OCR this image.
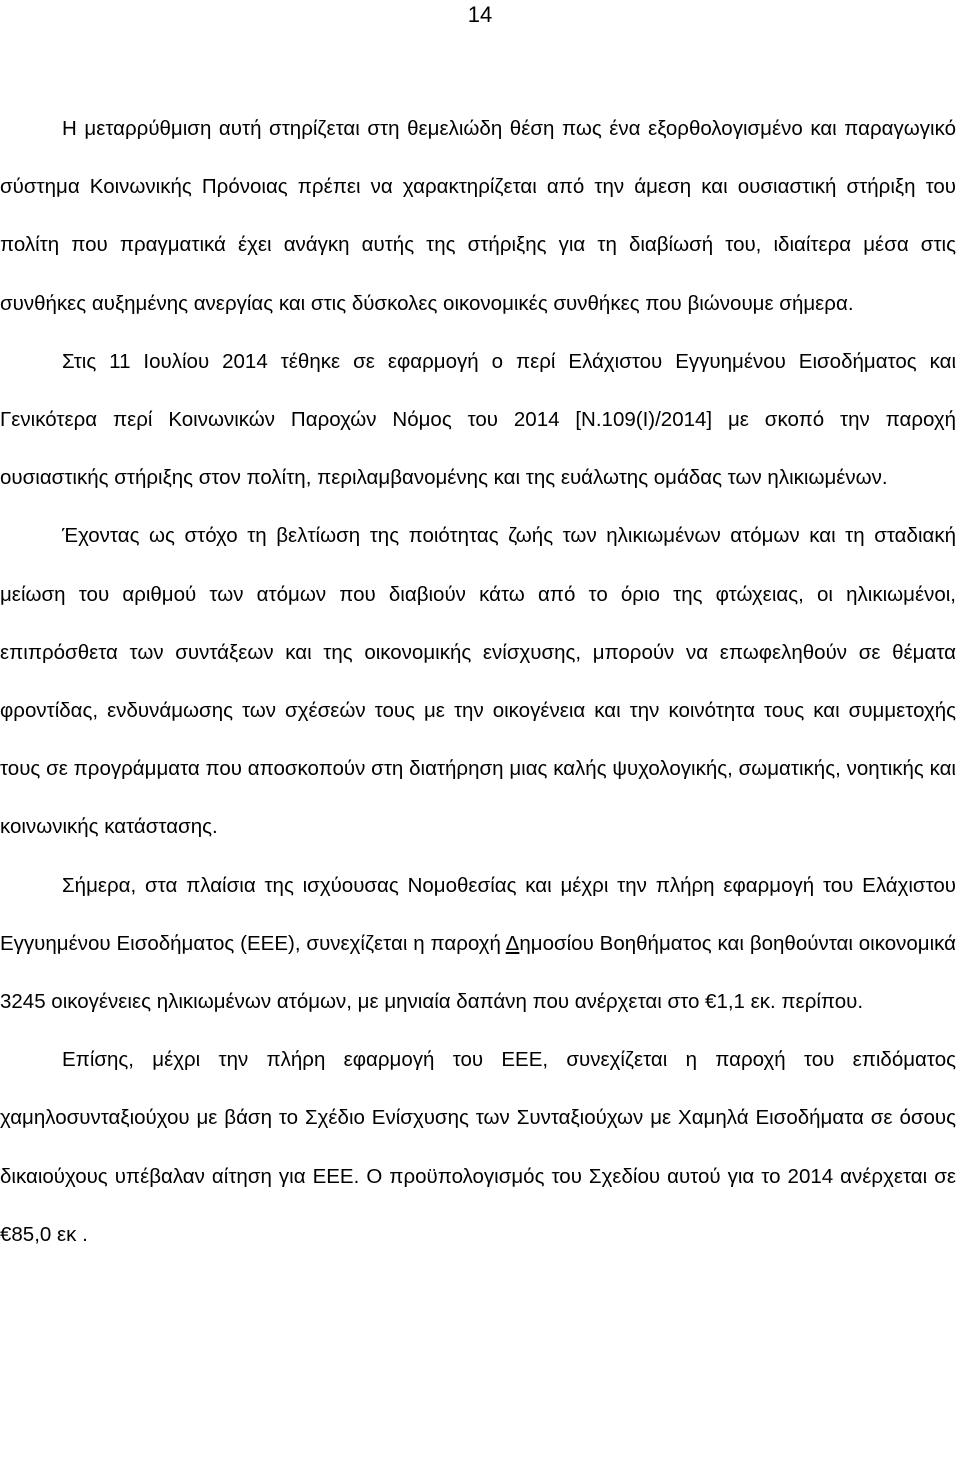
14

Η μεταρρύθμιση αυτή στηρίζεται στη θεμελιώδη θέση πως ένα εξορθολογισμένο και παραγωγικό σύστημα Κοινωνικής Πρόνοιας πρέπει να χαρακτηρίζεται από την άμεση και ουσιαστική στήριξη του πολίτη που πραγματικά έχει ανάγκη αυτής της στήριξης για τη διαβίωσή του, ιδιαίτερα μέσα στις συνθήκες αυξημένης ανεργίας και στις δύσκολες οικονομικές συνθήκες που βιώνουμε σήμερα.

Στις 11 Ιουλίου 2014 τέθηκε σε εφαρμογή ο περί Ελάχιστου Εγγυημένου Εισοδήματος και Γενικότερα περί Κοινωνικών Παροχών Νόμος του 2014 [Ν.109(Ι)/2014] με σκοπό την παροχή ουσιαστικής στήριξης στον πολίτη, περιλαμβανομένης και της ευάλωτης ομάδας των ηλικιωμένων.

Έχοντας ως στόχο τη βελτίωση της ποιότητας ζωής των ηλικιωμένων ατόμων και τη σταδιακή μείωση του αριθμού των ατόμων που διαβιούν κάτω από το όριο της φτώχειας, οι ηλικιωμένοι, επιπρόσθετα των συντάξεων και της οικονομικής ενίσχυσης, μπορούν να επωφεληθούν σε θέματα φροντίδας, ενδυνάμωσης των σχέσεών τους με την οικογένεια και την κοινότητα τους και συμμετοχής τους σε προγράμματα που αποσκοπούν στη διατήρηση μιας καλής ψυχολογικής, σωματικής, νοητικής και κοινωνικής κατάστασης.

Σήμερα, στα πλαίσια της ισχύουσας Νομοθεσίας και μέχρι την πλήρη εφαρμογή του Ελάχιστου Εγγυημένου Εισοδήματος (ΕΕΕ), συνεχίζεται η παροχή Δημοσίου Βοηθήματος και βοηθούνται οικονομικά 3245 οικογένειες ηλικιωμένων ατόμων, με μηνιαία δαπάνη που ανέρχεται στο €1,1 εκ. περίπου.

Επίσης, μέχρι την πλήρη εφαρμογή του ΕΕΕ, συνεχίζεται η παροχή του επιδόματος χαμηλοσυνταξιούχου με βάση το Σχέδιο Ενίσχυσης των Συνταξιούχων με Χαμηλά Εισοδήματα σε όσους δικαιούχους υπέβαλαν αίτηση για ΕΕΕ. Ο προϋπολογισμός του Σχεδίου αυτού για το 2014 ανέρχεται σε €85,0 εκ .
